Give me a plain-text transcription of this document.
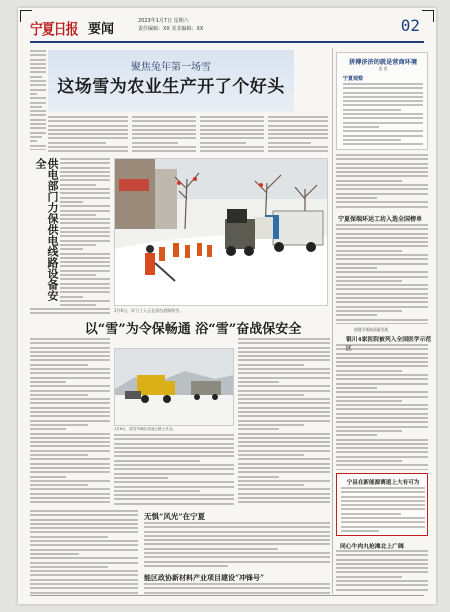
宁夏日报 要闻
2023年1月7日 星期六
责任编辑：XX 美术编辑：XX	02
聚焦兔年第一场雪
这场雪为农业生产开了个好头
供电部门力保供电线路设备安全
1月6日，环卫工人正在清扫道路积雪。
以“雪”为令保畅通 浴“雪”奋战保安全
1月6日，除雪车辆在高速公路上作业。
无惧“风光”在宁夏
能区政协新材料产业项目建设“冲锋号”
拼搏济济的就是营商环境
田 田
宁夏观察
宁夏保端环运工坊入选全国榜单
创建引领高质量发展
银川4家医院被列入全国医学示范
宁县在新能源赛道上大有可为
同心牛肉丸抢滩北上广阔
